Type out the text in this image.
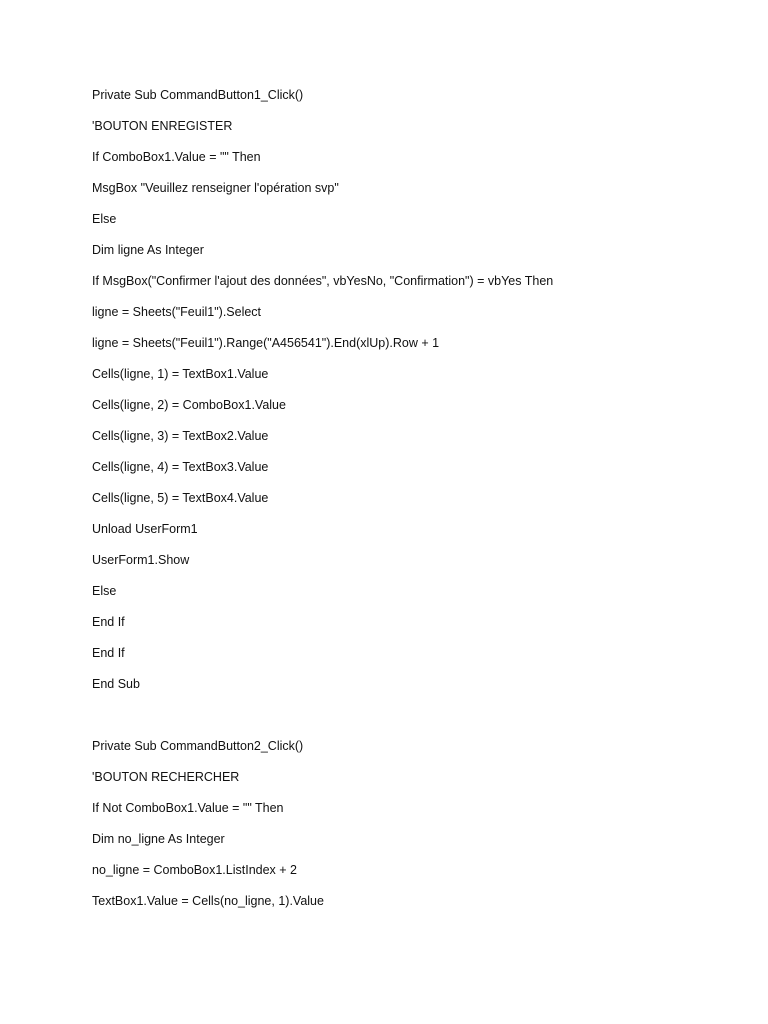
Private Sub CommandButton1_Click()
'BOUTON ENREGISTER
If ComboBox1.Value = "" Then
MsgBox "Veuillez renseigner l'opération svp"
Else
Dim ligne As Integer
If MsgBox("Confirmer l'ajout des données", vbYesNo, "Confirmation") = vbYes Then
ligne = Sheets("Feuil1").Select
ligne = Sheets("Feuil1").Range("A456541").End(xlUp).Row + 1
Cells(ligne, 1) = TextBox1.Value
Cells(ligne, 2) = ComboBox1.Value
Cells(ligne, 3) = TextBox2.Value
Cells(ligne, 4) = TextBox3.Value
Cells(ligne, 5) = TextBox4.Value
Unload UserForm1
UserForm1.Show
Else
End If
End If
End Sub
Private Sub CommandButton2_Click()
'BOUTON RECHERCHER
If Not ComboBox1.Value = "" Then
Dim no_ligne As Integer
no_ligne = ComboBox1.ListIndex + 2
TextBox1.Value = Cells(no_ligne, 1).Value
